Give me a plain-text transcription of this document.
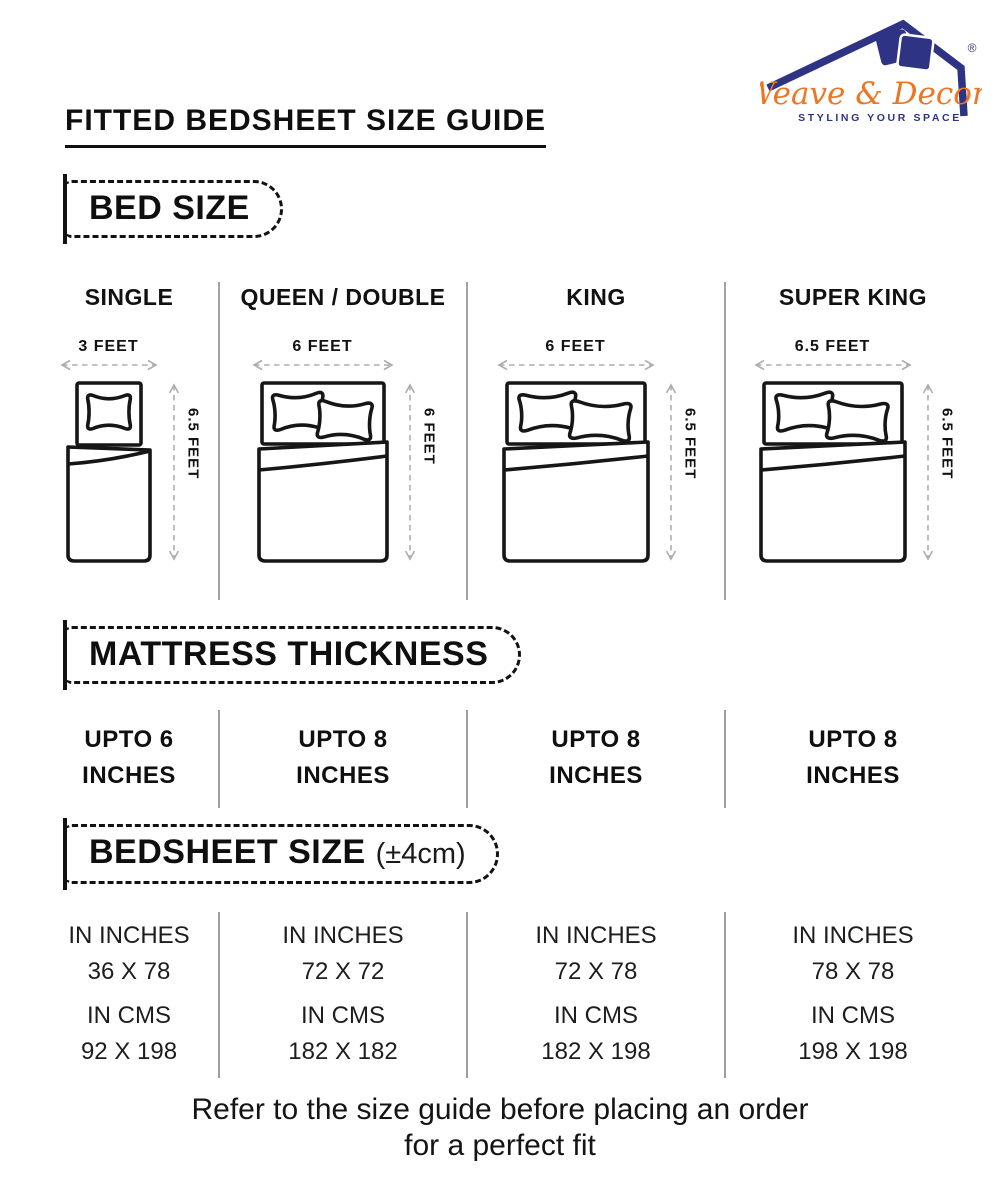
®
Weave & Decor
STYLING YOUR SPACE
FITTED BEDSHEET SIZE GUIDE
BED SIZE
SINGLE
3 FEET
6.5 FEET
QUEEN / DOUBLE
6 FEET
6 FEET
KING
6 FEET
6.5 FEET
SUPER KING
6.5 FEET
6.5 FEET
MATTRESS THICKNESS
UPTO 6
INCHES
UPTO 8
INCHES
UPTO 8
INCHES
UPTO 8
INCHES
BEDSHEET SIZE (±4cm)
IN INCHES
36 X 78
IN CMS
92 X 198
IN INCHES
72 X 72
IN CMS
182 X 182
IN INCHES
72 X 78
IN CMS
182 X 198
IN INCHES
78 X 78
IN CMS
198 X 198
Refer to the size guide before placing an order
for a perfect fit
